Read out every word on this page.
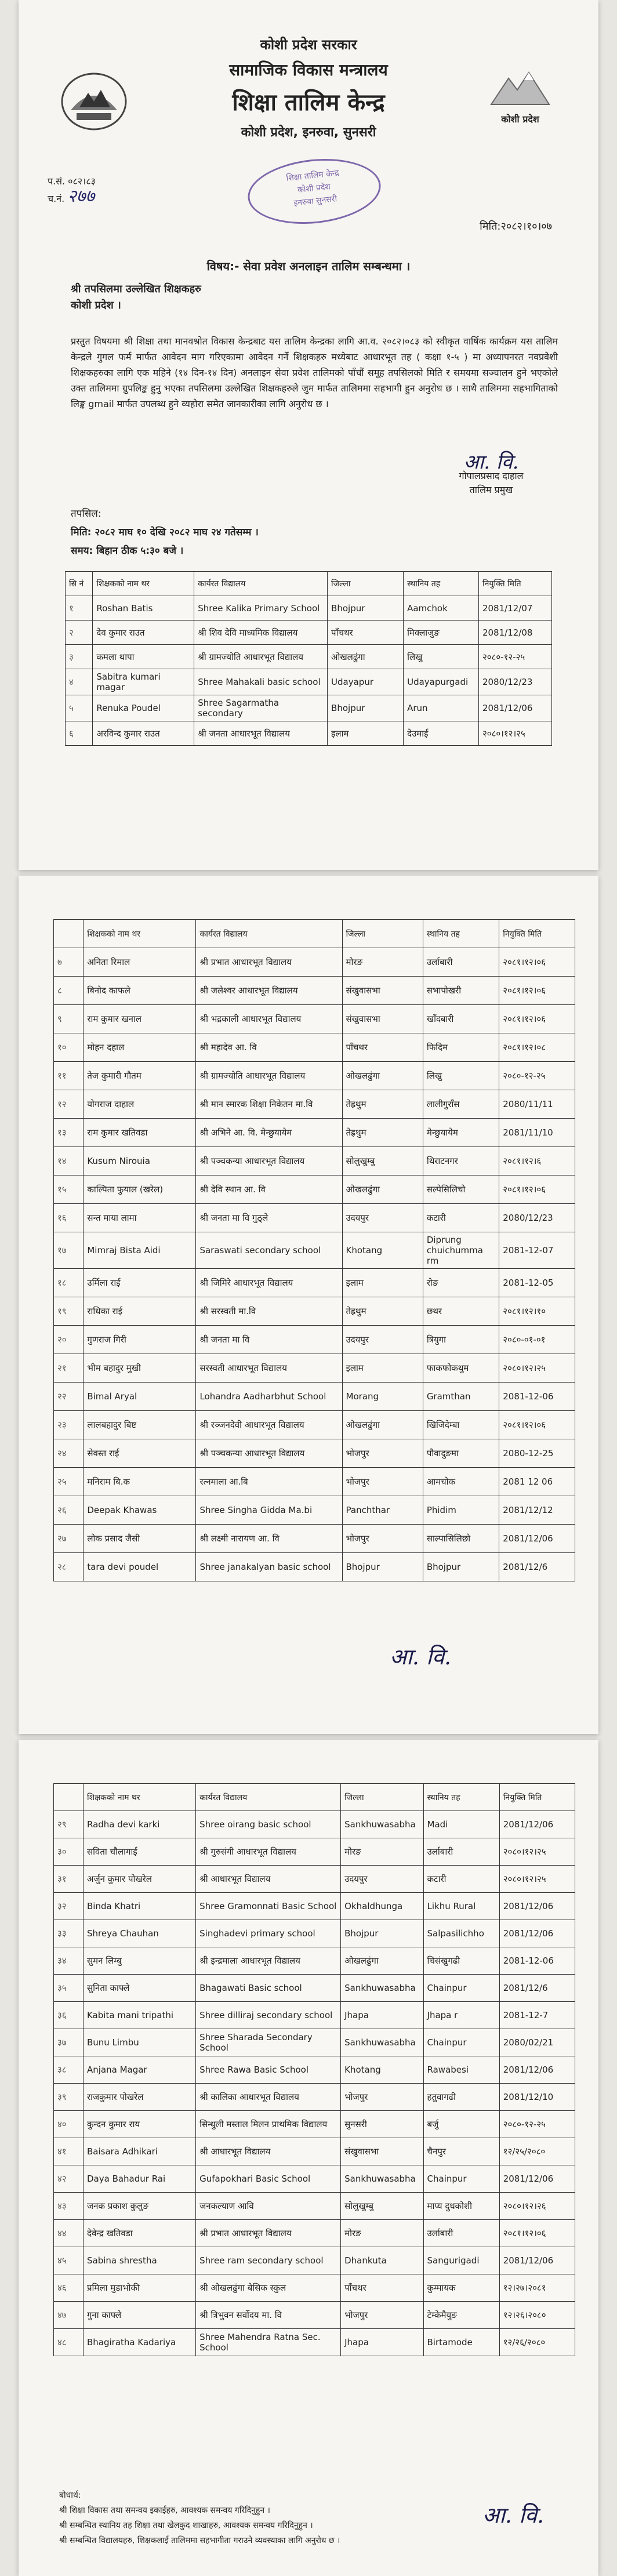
कोशी प्रदेश सरकार
सामाजिक विकास मन्त्रालय
शिक्षा तालिम केन्द्र
कोशी प्रदेश, इनरुवा, सुनसरी
कोशी प्रदेश
प.सं. ०८२।८३
च.नं. २७७
शिक्षा तालिम केन्द्र
कोशी प्रदेश
इनरुवा सुनसरी
मिति:२०८२।१०।०७
विषय:- सेवा प्रवेश अनलाइन तालिम सम्बन्धमा ।
श्री तपसिलमा उल्लेखित शिक्षकहरु
कोशी प्रदेश ।
प्रस्तुत विषयमा श्री शिक्षा तथा मानवश्रोत विकास केन्द्रबाट यस तालिम केन्द्रका लागि आ.व. २०८२।०८३ को स्वीकृत वार्षिक कार्यक्रम यस तालिम केन्द्रले गुगल फर्म मार्फत आवेदन माग गरिएकामा आवेदन गर्ने शिक्षकहरु मध्येबाट आधारभूत तह ( कक्षा १-५ ) मा अध्यापनरत नवप्रवेशी शिक्षकहरुका लागि एक महिने (१४ दिन-१४ दिन) अनलाइन सेवा प्रवेश तालिमको पाँचौं समूह तपसिलको मिति र समयमा सञ्चालन हुने भएकोले उक्त तालिममा ग्रुपलिङ्क हुनु भएका तपसिलमा उल्लेखित शिक्षकहरुले जुम मार्फत तालिममा सहभागी हुन अनुरोध छ । साथै तालिममा सहभागिताको लिङ्क gmail मार्फत उपलब्ध हुने व्यहोरा समेत जानकारीका लागि अनुरोध छ ।
आ. वि.
गोपालप्रसाद दाहाल
तालिम प्रमुख
तपसिल:
मिति: २०८२ माघ १० देखि २०८२ माघ २४ गतेसम्म ।
समय: बिहान ठीक ५:३० बजे ।
सि नं	शिक्षकको नाम थर	कार्यरत विद्यालय	जिल्ला	स्थानिय तह	नियुक्ति मिति
१	Roshan Batis	Shree Kalika Primary School	Bhojpur	Aamchok	2081/12/07
२	देव कुमार राउत	श्री शिव देवि माध्यमिक विद्यालय	पाँचथर	मिक्लाजुङ	2081/12/08
३	कमला थापा	श्री ग्रामज्योति आधारभूत विद्यालय	ओखलढुंगा	लिखु	२०८०-१२-२५
४	Sabitra kumari magar	Shree Mahakali basic school	Udayapur	Udayapurgadi	2080/12/23
५	Renuka Poudel	Shree Sagarmatha secondary	Bhojpur	Arun	2081/12/06
६	अरविन्द कुमार राउत	श्री जनता आधारभूत विद्यालय	इलाम	देउमाई	२०८०।१२।२५
	शिक्षकको नाम थर	कार्यरत विद्यालय	जिल्ला	स्थानिय तह	नियुक्ति मिति
७	अनिता रिमाल	श्री प्रभात आधारभूत विद्यालय	मोरङ	उर्लाबारी	२०८१।१२।०६
८	बिनोद काफले	श्री जलेश्वर आधारभूत विद्यालय	संखुवासभा	सभापोखरी	२०८१।१२।०६
९	राम कुमार खनाल	श्री भद्रकाली आधारभूत विद्यालय	संखुवासभा	खाँदबारी	२०८१।१२।०६
१०	मोहन दहाल	श्री महादेव आ. वि	पाँचथर	फिदिम	२०८१।१२।०८
११	तेज कुमारी गौतम	श्री ग्रामज्योति आधारभूत विद्यालय	ओखलढुंगा	लिखु	२०८०-१२-२५
१२	योगराज दाहाल	श्री मान स्मारक शिक्षा निकेतन मा.वि	तेह्रथुम	लालीगुराँस	2080/11/11
१३	राम कुमार खतिवडा	श्री अभिने आ. वि. मेन्छुयायेम	तेह्रथुम	मेन्छुयायेम	2081/11/10
१४	Kusum Nirouia	श्री पञ्चकन्या आधारभूत विद्यालय	सोलुखुम्बु	थिराटनगर	२०८१।१२।६
१५	काल्पिता फुयाल (खरेल)	श्री देवि स्थान आ. वि	ओखलढुंगा	सल्पेसिलिचो	२०८१।१२।०६
१६	सन्त माया लामा	श्री जनता मा वि गुठ्ले	उदयपुर	कटारी	2080/12/23
१७	Mimraj Bista Aidi	Saraswati secondary school	Khotang	Diprung chuichumma rm	2081-12-07
१८	उर्मिला राई	श्री जिमिरे आधारभूत विद्यालय	इलाम	रोङ	2081-12-05
१९	राधिका राई	श्री सरस्वती मा.वि	तेह्रथुम	छथर	२०८१।१२।१०
२०	गुणराज गिरी	श्री जनता मा वि	उदयपुर	त्रियुगा	२०८०-०१-०१
२१	भीम बहादुर मुखी	सरस्वती आधारभूत विद्यालय	इलाम	फाकफोकथुम	२०८०।१२।२५
२२	Bimal Aryal	Lohandra Aadharbhut School	Morang	Gramthan	2081-12-06
२३	लालबहादुर बिष्ट	श्री रञ्जनदेवी आधारभूत विद्यालय	ओखलढुंगा	खिजिदेम्बा	२०८१।१२।०६
२४	सेवस्त राई	श्री पञ्चकन्या आधारभूत विद्यालय	भोजपुर	पौवादुङमा	2080-12-25
२५	मनिराम बि.क	रत्नमाला आ.बि	भोजपुर	आमचोक	2081 12 06
२६	Deepak Khawas	Shree Singha Gidda Ma.bi	Panchthar	Phidim	2081/12/12
२७	लोक प्रसाद जैसी	श्री लक्ष्मी नारायण आ. वि	भोजपुर	साल्पासिलिछो	2081/12/06
२८	tara devi poudel	Shree janakalyan basic school	Bhojpur	Bhojpur	2081/12/6
आ. वि.
	शिक्षकको नाम थर	कार्यरत विद्यालय	जिल्ला	स्थानिय तह	नियुक्ति मिति
२९	Radha devi karki	Shree oirang basic school	Sankhuwasabha	Madi	2081/12/06
३०	सविता चौलागाईं	श्री गुरुसंगी आधारभूत विद्यालय	मोरङ	उर्लाबारी	२०८०।१२।२५
३१	अर्जुन कुमार पोखरेल	श्री आधारभूत विद्यालय	उदयपुर	कटारी	२०८०।१२।२५
३२	Binda Khatri	Shree Gramonnati Basic School	Okhaldhunga	Likhu Rural	2081/12/06
३३	Shreya Chauhan	Singhadevi primary school	Bhojpur	Salpasilichho	2081/12/06
३४	सुमन लिम्बु	श्री इन्द्रमाला आधारभूत विद्यालय	ओखलढुंगा	चिसंखुगढी	2081-12-06
३५	सुनिता काफ्ले	Bhagawati Basic school	Sankhuwasabha	Chainpur	2081/12/6
३६	Kabita mani tripathi	Shree dilliraj secondary school	Jhapa	Jhapa r	2081-12-7
३७	Bunu Limbu	Shree Sharada Secondary School	Sankhuwasabha	Chainpur	2080/02/21
३८	Anjana Magar	Shree Rawa Basic School	Khotang	Rawabesi	2081/12/06
३९	राजकुमार पोखरेल	श्री कालिका आधारभूत विद्यालय	भोजपुर	हतुवागढी	2081/12/10
४०	कुन्दन कुमार राय	सिन्धुली मस्ताल मिलन प्राथमिक विद्यालय	सुनसरी	बर्जु	२०८०-१२-२५
४१	Baisara Adhikari	श्री आधारभूत विद्यालय	संखुवासभा	चैनपुर	१२/२५/२०८०
४२	Daya Bahadur Rai	Gufapokhari Basic School	Sankhuwasabha	Chainpur	2081/12/06
४३	जनक प्रकाश कुलुङ	जनकल्याण आवि	सोलुखुम्बु	माप्य दुधकोशी	२०८०।१२।२६
४४	देवेन्द्र खतिवडा	श्री प्रभात आधारभूत विद्यालय	मोरङ	उर्लाबारी	२०८१।१२।०६
४५	Sabina shrestha	Shree ram secondary school	Dhankuta	Sangurigadi	2081/12/06
४६	प्रमिला मुडाभोकी	श्री ओखलढुंगा बेसिक स्कुल	पाँचथर	कुम्मायक	१२।२७।२०८१
४७	गुना काफ्ले	श्री त्रिभुवन सर्वोदय मा. वि	भोजपुर	टेम्केमैयुङ	१२।२६।२०८०
४८	Bhagirathа Kadariya	Shree Mahendra Ratna Sec. School	Jhapa	Birtamode	१२/२६/२०८०
बोधार्थ:
श्री शिक्षा विकास तथा समन्वय इकाईहरु, आवश्यक समन्वय गरिदिनुहुन ।
श्री सम्बन्धित स्थानिय तह शिक्षा तथा खेलकुद शाखाहरु, आवश्यक समन्वय गरिदिनुहुन ।
श्री सम्बन्धित विद्यालयहरु, शिक्षकलाई तालिममा सहभागीता गराउने व्यवस्थाका लागि अनुरोध छ ।
आ. वि.
